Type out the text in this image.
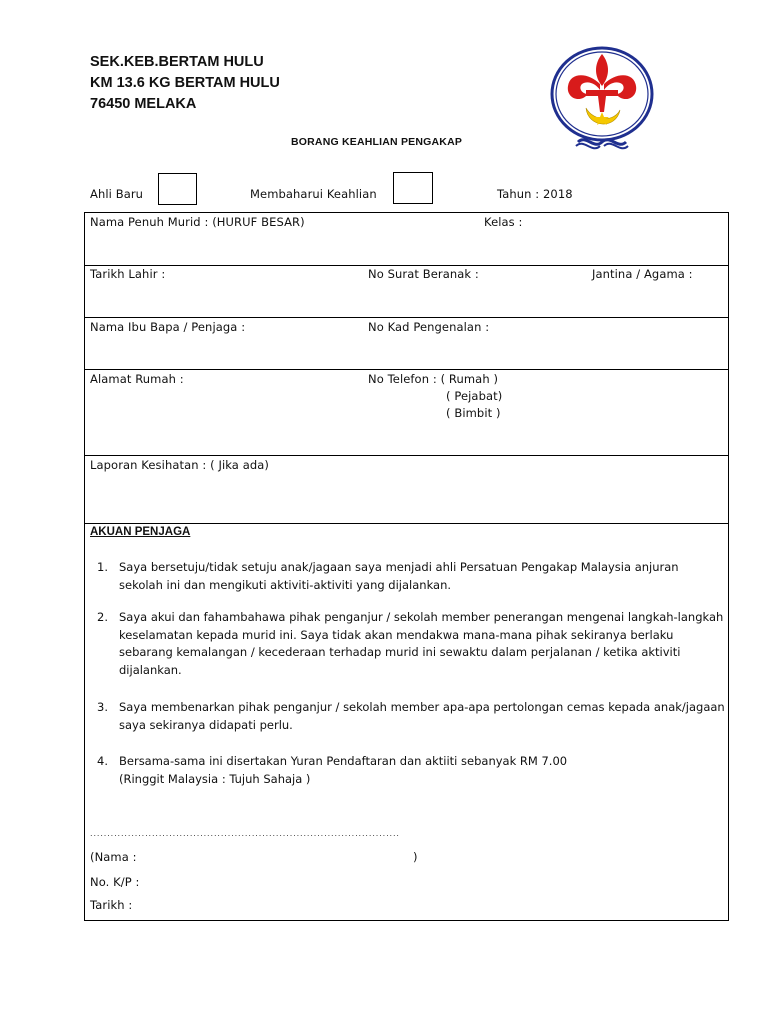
SEK.KEB.BERTAM HULU
KM 13.6 KG BERTAM HULU
76450 MELAKA
BORANG KEAHLIAN PENGAKAP
Ahli Baru	Membaharui Keahlian	Tahun : 2018
Nama Penuh Murid : (HURUF BESAR)	Kelas :
Tarikh Lahir :	No Surat Beranak :	Jantina / Agama :
Nama Ibu Bapa / Penjaga :	No Kad Pengenalan :
Alamat Rumah :	No Telefon : ( Rumah )
( Pejabat)
( Bimbit )
Laporan Kesihatan : ( Jika ada)
AKUAN PENJAGA
1. Saya bersetuju/tidak setuju anak/jagaan saya menjadi ahli Persatuan Pengakap Malaysia anjuran sekolah ini dan mengikuti aktiviti-aktiviti yang dijalankan.
2. Saya akui dan fahambahawa pihak penganjur / sekolah member penerangan mengenai langkah-langkah keselamatan kepada murid ini. Saya tidak akan mendakwa mana-mana pihak sekiranya berlaku sebarang kemalangan / kecederaan terhadap murid ini sewaktu dalam perjalanan / ketika aktiviti dijalankan.
3. Saya membenarkan pihak penganjur / sekolah member apa-apa pertolongan cemas kepada anak/jagaan saya sekiranya didapati perlu.
4. Bersama-sama ini disertakan Yuran Pendaftaran dan aktiiti sebanyak RM 7.00
(Ringgit Malaysia : Tujuh Sahaja )
..........................................................................................
(Nama :	)
No. K/P :
Tarikh :
